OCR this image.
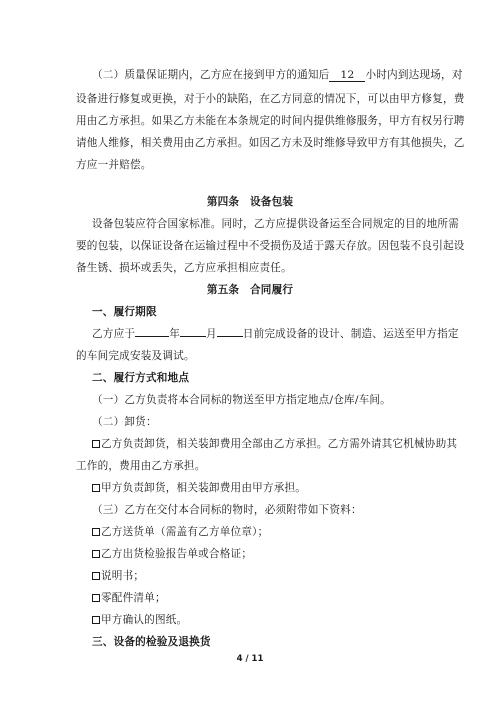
（二）质量保证期内，乙方应在接到甲方的通知后 12 小时内到达现场，对
设备进行修复或更换，对于小的缺陷，在乙方同意的情况下，可以由甲方修复，费
用由乙方承担。如果乙方未能在本条规定的时间内提供维修服务，甲方有权另行聘
请他人维修，相关费用由乙方承担。如因乙方未及时维修导致甲方有其他损失，乙
方应一并赔偿。
第四条　设备包装
设备包装应符合国家标准。同时，乙方应提供设备运至合同规定的目的地所需
要的包装，以保证设备在运输过程中不受损伤及适于露天存放。因包装不良引起设
备生锈、损坏或丢失，乙方应承担相应责任。
第五条　合同履行
一、履行期限
乙方应于	年 月 日前完成设备的设计、制造、运送至甲方指定
的车间完成安装及调试。
二、履行方式和地点
（一）乙方负责将本合同标的物送至甲方指定地点/仓库/车间。
（二）卸货：
乙方负责卸货，相关装卸费用全部由乙方承担。乙方需外请其它机械协助其
工作的，费用由乙方承担。
甲方负责卸货，相关装卸费用由甲方承担。
（三）乙方在交付本合同标的物时，必须附带如下资料：
乙方送货单（需盖有乙方单位章）；
乙方出货检验报告单或合格证；
说明书；
零配件清单；
甲方确认的图纸。
三、设备的检验及退换货
4 / 11
